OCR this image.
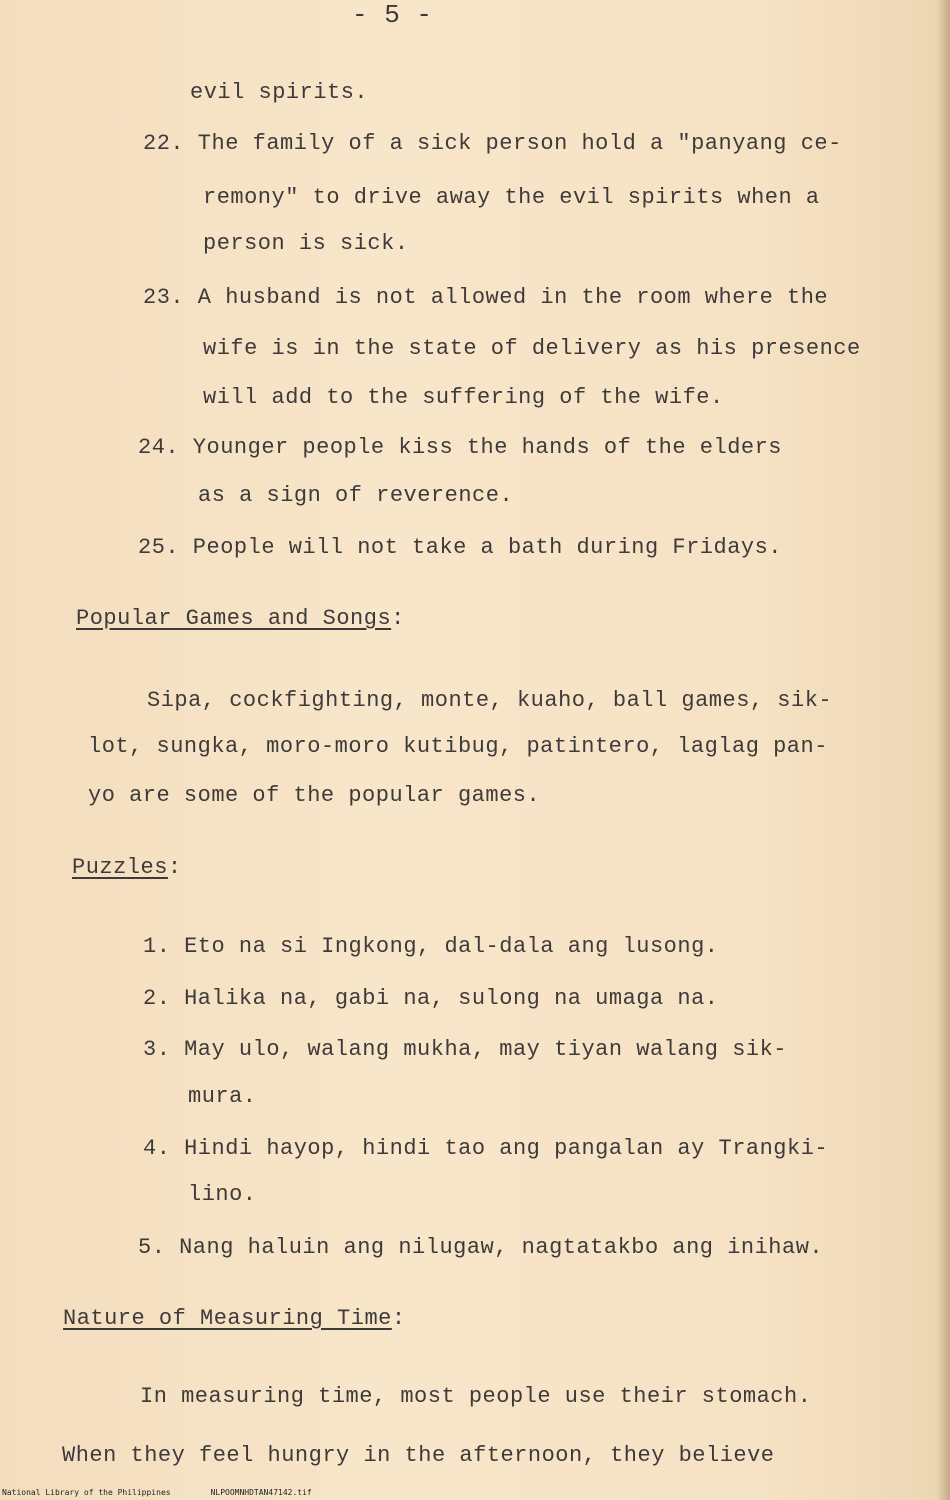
- 5 -
evil spirits.
22. The family of a sick person hold a "panyang ce-
remony" to drive away the evil spirits when a
person is sick.
23. A husband is not allowed in the room where the
wife is in the state of delivery as his presence
will add to the suffering of the wife.
24. Younger people kiss the hands of the elders
as a sign of reverence.
25. People will not take a bath during Fridays.
Popular Games and Songs:
Sipa, cockfighting, monte, kuaho, ball games, sik-
lot, sungka, moro-moro kutibug, patintero, laglag pan-
yo are some of the popular games.
Puzzles:
1. Eto na si Ingkong, dal-dala ang lusong.
2. Halika na, gabi na, sulong na umaga na.
3. May ulo, walang mukha, may tiyan walang sik-
mura.
4. Hindi hayop, hindi tao ang pangalan ay Trangki-
lino.
5. Nang haluin ang nilugaw, nagtatakbo ang inihaw.
Nature of Measuring Time:
In measuring time, most people use their stomach.
When they feel hungry in the afternoon, they believe
National Library of the Philippines	NLPOOMNHDTAN47142.tif
